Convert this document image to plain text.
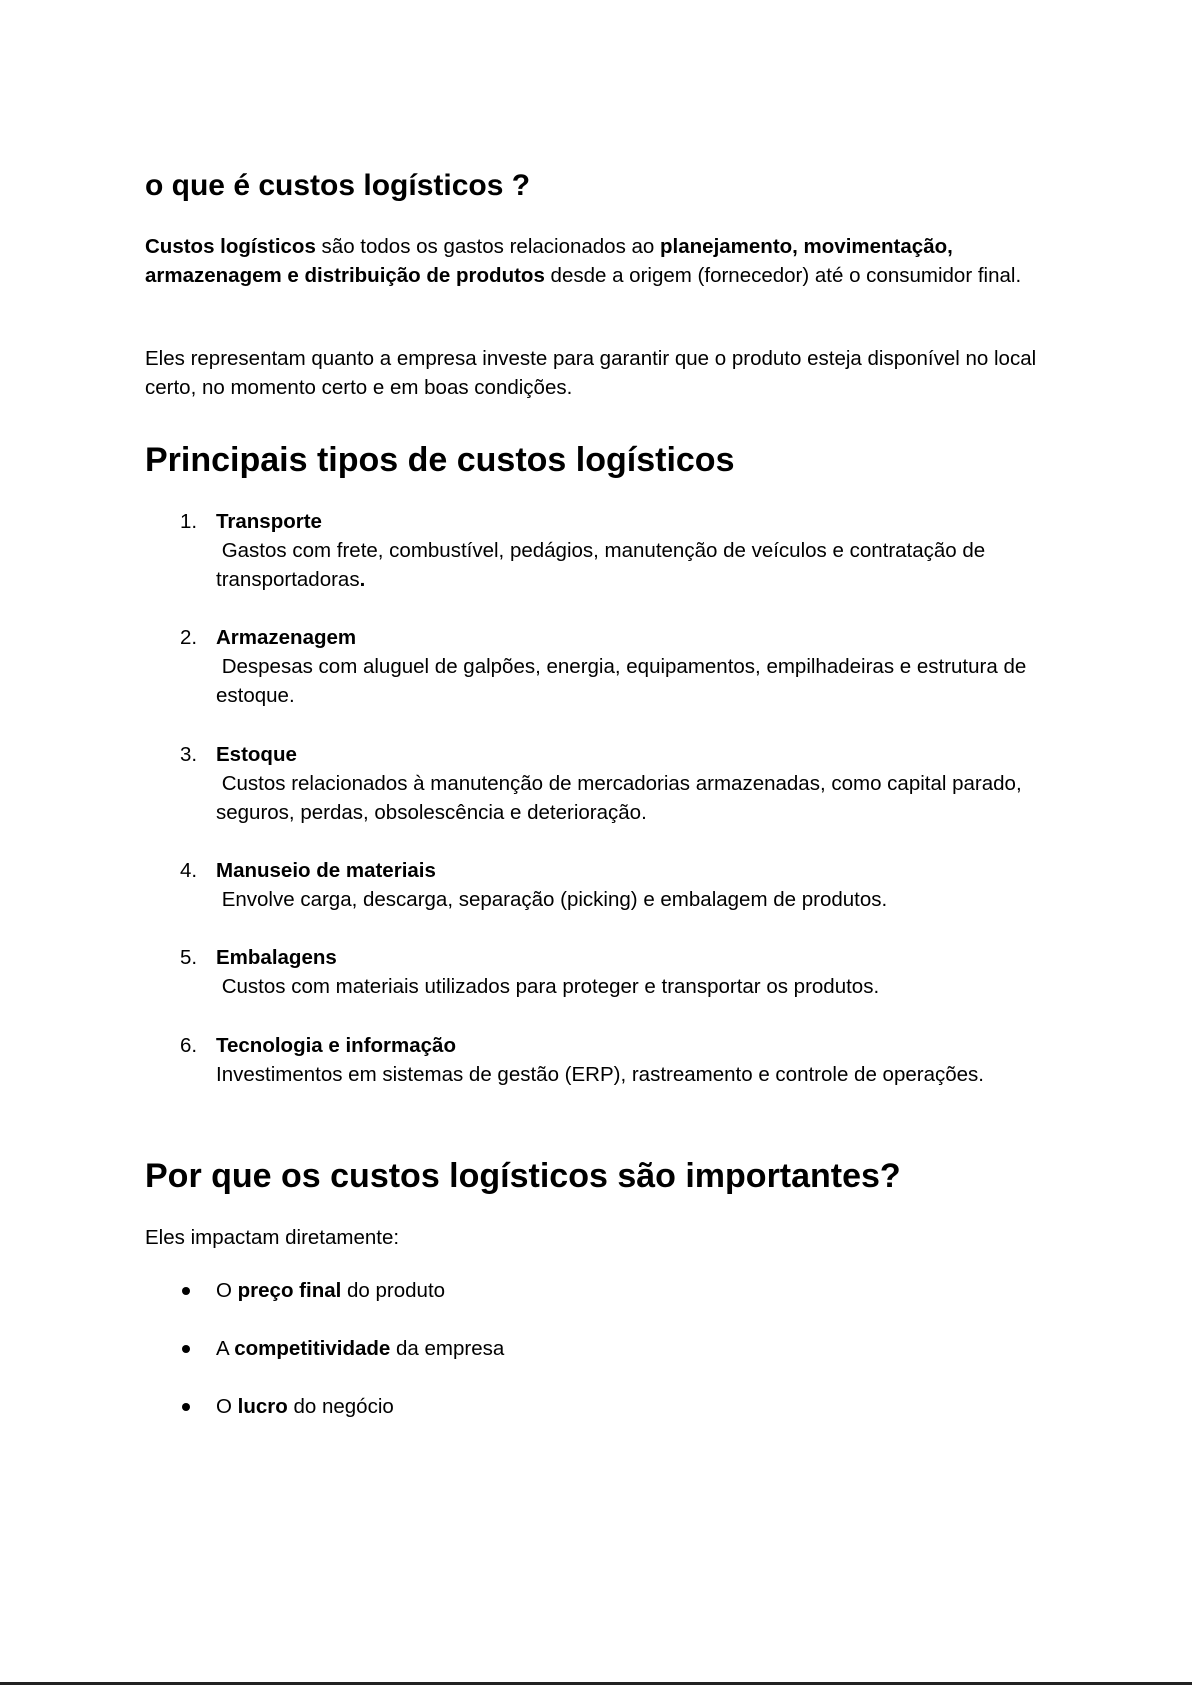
o que é custos logísticos ?

Custos logísticos são todos os gastos relacionados ao planejamento, movimentação, armazenagem e distribuição de produtos desde a origem (fornecedor) até o consumidor final.

Eles representam quanto a empresa investe para garantir que o produto esteja disponível no local certo, no momento certo e em boas condições.

Principais tipos de custos logísticos
1. Transporte
Gastos com frete, combustível, pedágios, manutenção de veículos e contratação de transportadoras.
2. Armazenagem
Despesas com aluguel de galpões, energia, equipamentos, empilhadeiras e estrutura de estoque.
3. Estoque
Custos relacionados à manutenção de mercadorias armazenadas, como capital parado, seguros, perdas, obsolescência e deterioração.
4. Manuseio de materiais
Envolve carga, descarga, separação (picking) e embalagem de produtos.
5. Embalagens
Custos com materiais utilizados para proteger e transportar os produtos.
6. Tecnologia e informação
Investimentos em sistemas de gestão (ERP), rastreamento e controle de operações.
Por que os custos logísticos são importantes?

Eles impactam diretamente:

O preço final do produto
A competitividade da empresa
O lucro do negócio
